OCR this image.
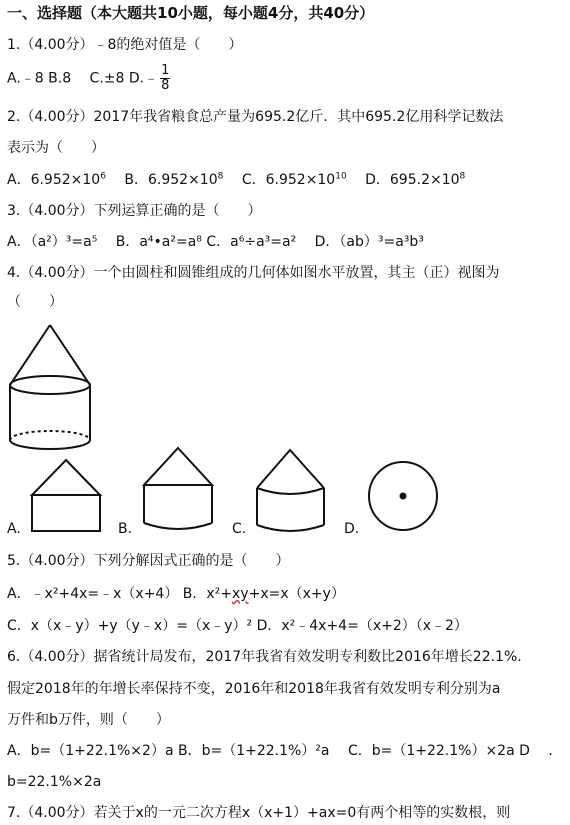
一、选择题（本大题共10小题，每小题4分，共40分）
1.（4.00分）﹣8的绝对值是（　　）
A.﹣8 B.8　 C.±8 D.﹣ $\frac{1}{8}$
2.（4.00分）2017年我省粮食总产量为695.2亿斤．其中695.2亿用科学记数法
表示为（　　）
A．$6.952\times 10^6$　 B．$6.952\times 10^8$　 C．$6.952\times 10^{10}$　 D．$695.2\times 10^8$
3.（4.00分）下列运算正确的是（　　）
A．（a²）³=a⁵　 B．a⁴•a²=a⁸ C．a⁶÷a³=a²　 D．（ab）³=a³b³
4.（4.00分）一个由圆柱和圆锥组成的几何体如图水平放置，其主（正）视图为
（　　）
A.	B.	C.	D.
5.（4.00分）下列分解因式正确的是（　　）
A．﹣x²+4x=﹣x（x+4） B．x²+xy+x=x（x+y）
C．x（x﹣y）+y（y﹣x）=（x﹣y）² D．x²﹣4x+4=（x+2）（x﹣2）
6.（4.00分）据省统计局发布，2017年我省有效发明专利数比2016年增长22.1%.
假定2018年的年增长率保持不变，2016年和2018年我省有效发明专利分别为a
万件和b万件，则（　　）
A．b=（1+22.1%×2）a B．b=（1+22.1%）²a　 C．b=（1+22.1%）×2a D　 .
b=22.1%×2a
7.（4.00分）若关于x的一元二次方程x（x+1）+ax=0有两个相等的实数根，则
